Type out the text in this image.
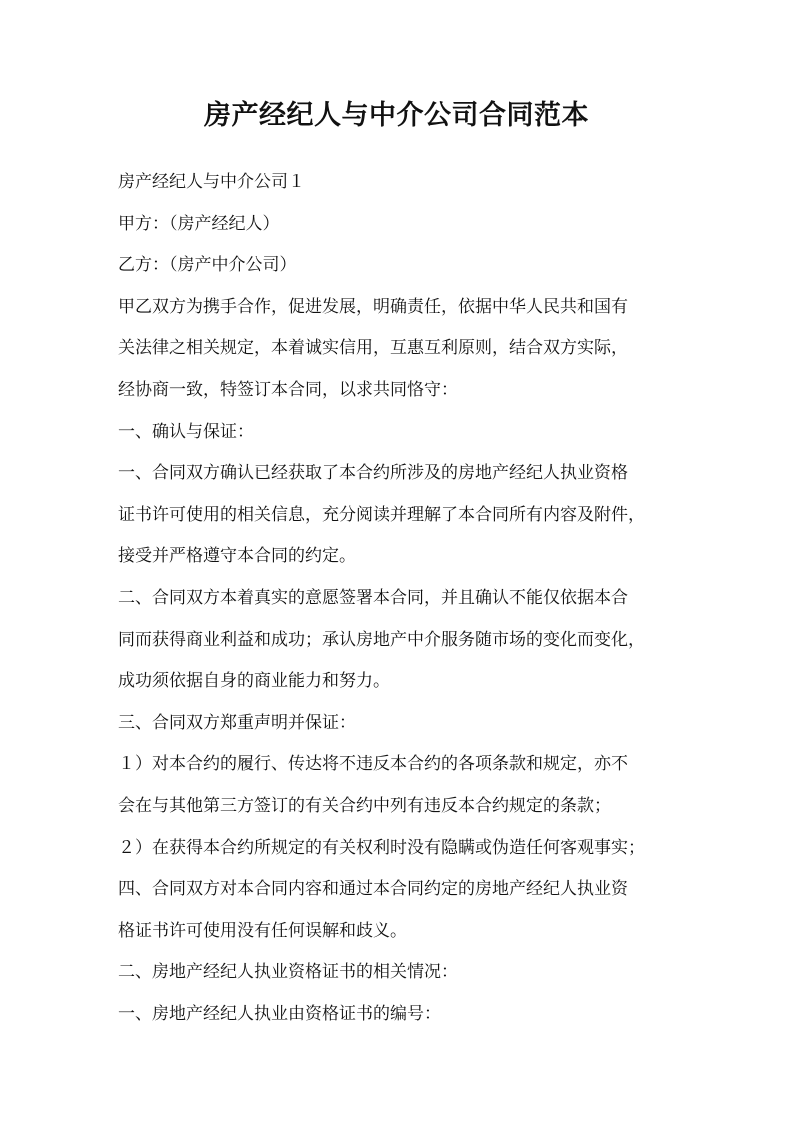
房产经纪人与中介公司合同范本
房产经纪人与中介公司１
甲方：（房产经纪人）
乙方：（房产中介公司）
甲乙双方为携手合作，促进发展，明确责任，依据中华人民共和国有
关法律之相关规定，本着诚实信用，互惠互利原则，结合双方实际，
经协商一致，特签订本合同，以求共同恪守：
一、确认与保证：
一、合同双方确认已经获取了本合约所涉及的房地产经纪人执业资格
证书许可使用的相关信息，充分阅读并理解了本合同所有内容及附件，
接受并严格遵守本合同的约定。
二、合同双方本着真实的意愿签署本合同，并且确认不能仅依据本合
同而获得商业利益和成功；承认房地产中介服务随市场的变化而变化，
成功须依据自身的商业能力和努力。
三、合同双方郑重声明并保证：
１）对本合约的履行、传达将不违反本合约的各项条款和规定，亦不
会在与其他第三方签订的有关合约中列有违反本合约规定的条款；
２）在获得本合约所规定的有关权利时没有隐瞒或伪造任何客观事实；
四、合同双方对本合同内容和通过本合同约定的房地产经纪人执业资
格证书许可使用没有任何误解和歧义。
二、房地产经纪人执业资格证书的相关情况：
一、房地产经纪人执业由资格证书的编号：
